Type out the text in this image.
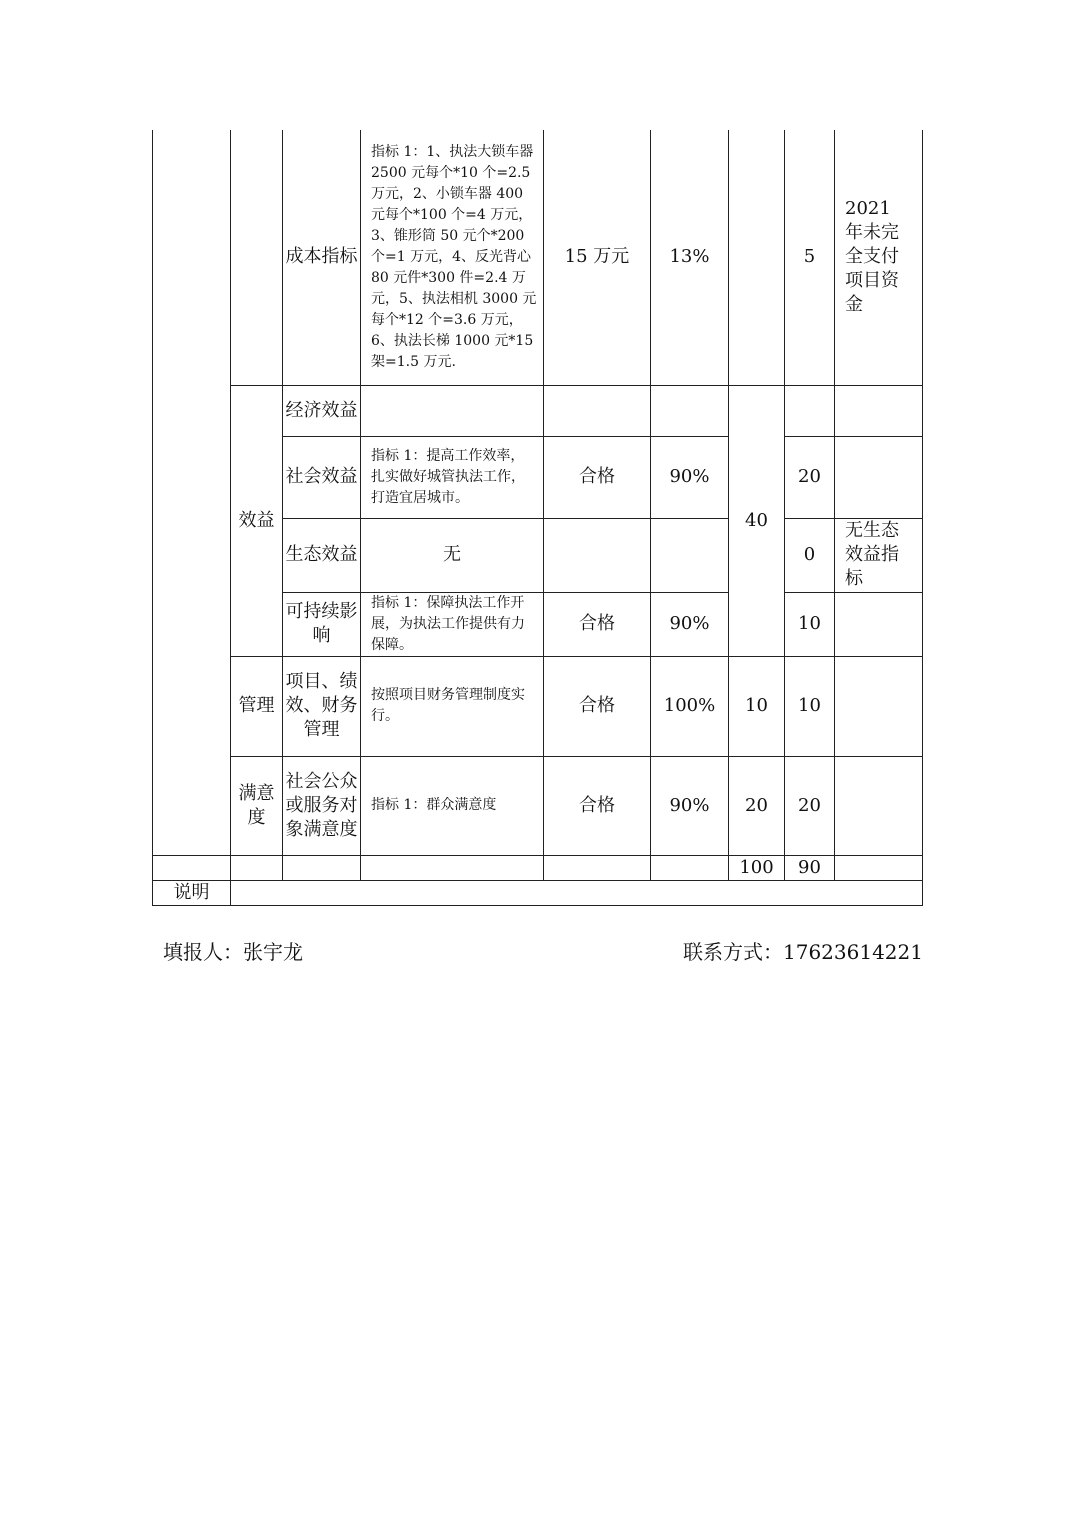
		成本指标	指标 1：1、执法大锁车器 2500 元每个*10 个=2.5 万元，2、小锁车器 400 元每个*100 个=4 万元，3、锥形筒 50 元个*200 个=1 万元，4、反光背心 80 元件*300 件=2.4 万元，5、执法相机 3000 元每个*12 个=3.6 万元，6、执法长梯 1000 元*15 架=1.5 万元.	15 万元	13%		5	2021 年未完全支付项目资金
	效益	经济效益				40		
		社会效益	指标 1：提高工作效率，扎实做好城管执法工作，打造宜居城市。	合格	90%		20	
		生态效益	无				0	无生态效益指标
		可持续影响	指标 1：保障执法工作开展，为执法工作提供有力保障。	合格	90%		10	
	管理	项目、绩效、财务管理	按照项目财务管理制度实行。	合格	100%	10	10	
	满意度	社会公众或服务对象满意度	指标 1：群众满意度	合格	90%	20	20	
						100	90	
说明								
填报人：张宇龙	联系方式：17623614221
